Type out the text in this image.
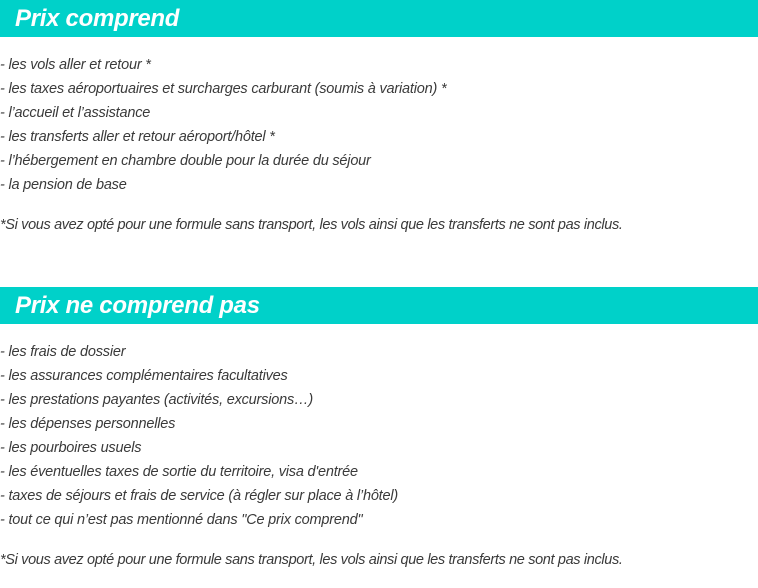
Prix comprend
- les vols aller et retour *
- les taxes aéroportuaires et surcharges carburant (soumis à variation) *
- l’accueil et l’assistance
- les transferts aller et retour aéroport/hôtel *
- l’hébergement en chambre double pour la durée du séjour
- la pension de base
*Si vous avez opté pour une formule sans transport, les vols ainsi que les transferts ne sont pas inclus.
Prix ne comprend pas
- les frais de dossier
- les assurances complémentaires facultatives
- les prestations payantes (activités, excursions…)
- les dépenses personnelles
- les pourboires usuels
- les éventuelles taxes de sortie du territoire, visa d'entrée
- taxes de séjours et frais de service (à régler sur place à l’hôtel)
- tout ce qui n’est pas mentionné dans "Ce prix comprend"
*Si vous avez opté pour une formule sans transport, les vols ainsi que les transferts ne sont pas inclus.
